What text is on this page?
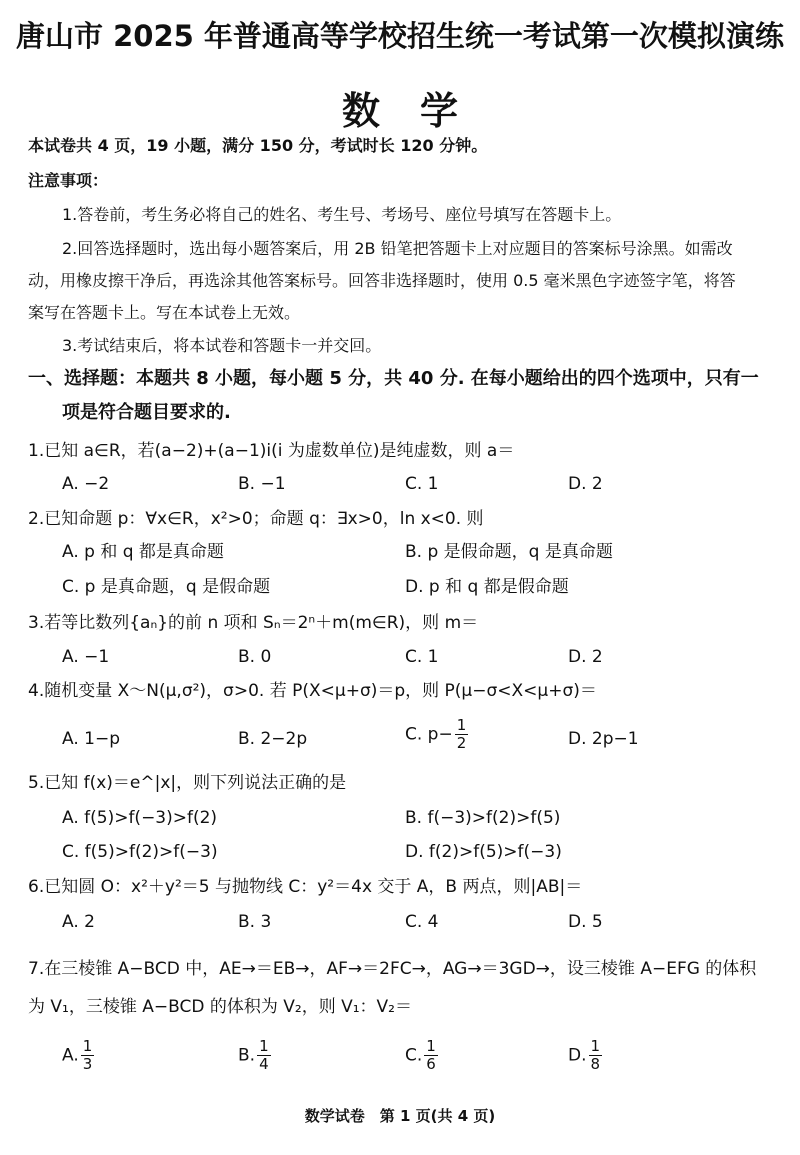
唐山市 2025 年普通高等学校招生统一考试第一次模拟演练
数学
本试卷共 4 页，19 小题，满分 150 分，考试时长 120 分钟。
注意事项：
1.答卷前，考生务必将自己的姓名、考生号、考场号、座位号填写在答题卡上。
2.回答选择题时，选出每小题答案后，用 2B 铅笔把答题卡上对应题目的答案标号涂黑。如需改
动，用橡皮擦干净后，再选涂其他答案标号。回答非选择题时，使用 0.5 毫米黑色字迹签字笔，将答
案写在答题卡上。写在本试卷上无效。
3.考试结束后，将本试卷和答题卡一并交回。
一、选择题：本题共 8 小题，每小题 5 分，共 40 分. 在每小题给出的四个选项中，只有一
项是符合题目要求的.
1.已知 a∈R，若(a−2)+(a−1)i(i 为虚数单位)是纯虚数，则 a＝
A. −2	B. −1	C. 1	D. 2
2.已知命题 p：∀x∈R，x²>0；命题 q：∃x>0，ln x<0. 则
A. p 和 q 都是真命题	B. p 是假命题，q 是真命题
C. p 是真命题，q 是假命题	D. p 和 q 都是假命题
3.若等比数列{aₙ}的前 n 项和 Sₙ＝2ⁿ＋m(m∈R)，则 m＝
A. −1	B. 0	C. 1	D. 2
4.随机变量 X～N(μ,σ²)，σ>0. 若 P(X<μ+σ)＝p，则 P(μ−σ<X<μ+σ)＝
A. 1−p	B. 2−2p	C. $p- \frac{1}{2}$	D. 2p−1
5.已知 f(x)＝e^|x|，则下列说法正确的是
A. f(5)>f(−3)>f(2)	B. f(−3)>f(2)>f(5)
C. f(5)>f(2)>f(−3)	D. f(2)>f(5)>f(−3)
6.已知圆 O：x²＋y²＝5 与抛物线 C：y²＝4x 交于 A，B 两点，则|AB|＝
A. 2	B. 3	C. 4	D. 5
7.在三棱锥 A−BCD 中，AE→＝EB→，AF→＝2FC→，AG→＝3GD→，设三棱锥 A−EFG 的体积
为 V₁，三棱锥 A−BCD 的体积为 V₂，则 V₁：V₂＝
A. $\frac{1}{3}$	B. $\frac{1}{4}$	C. $\frac{1}{6}$	D. $\frac{1}{8}$
数学试卷　第 1 页(共 4 页)
